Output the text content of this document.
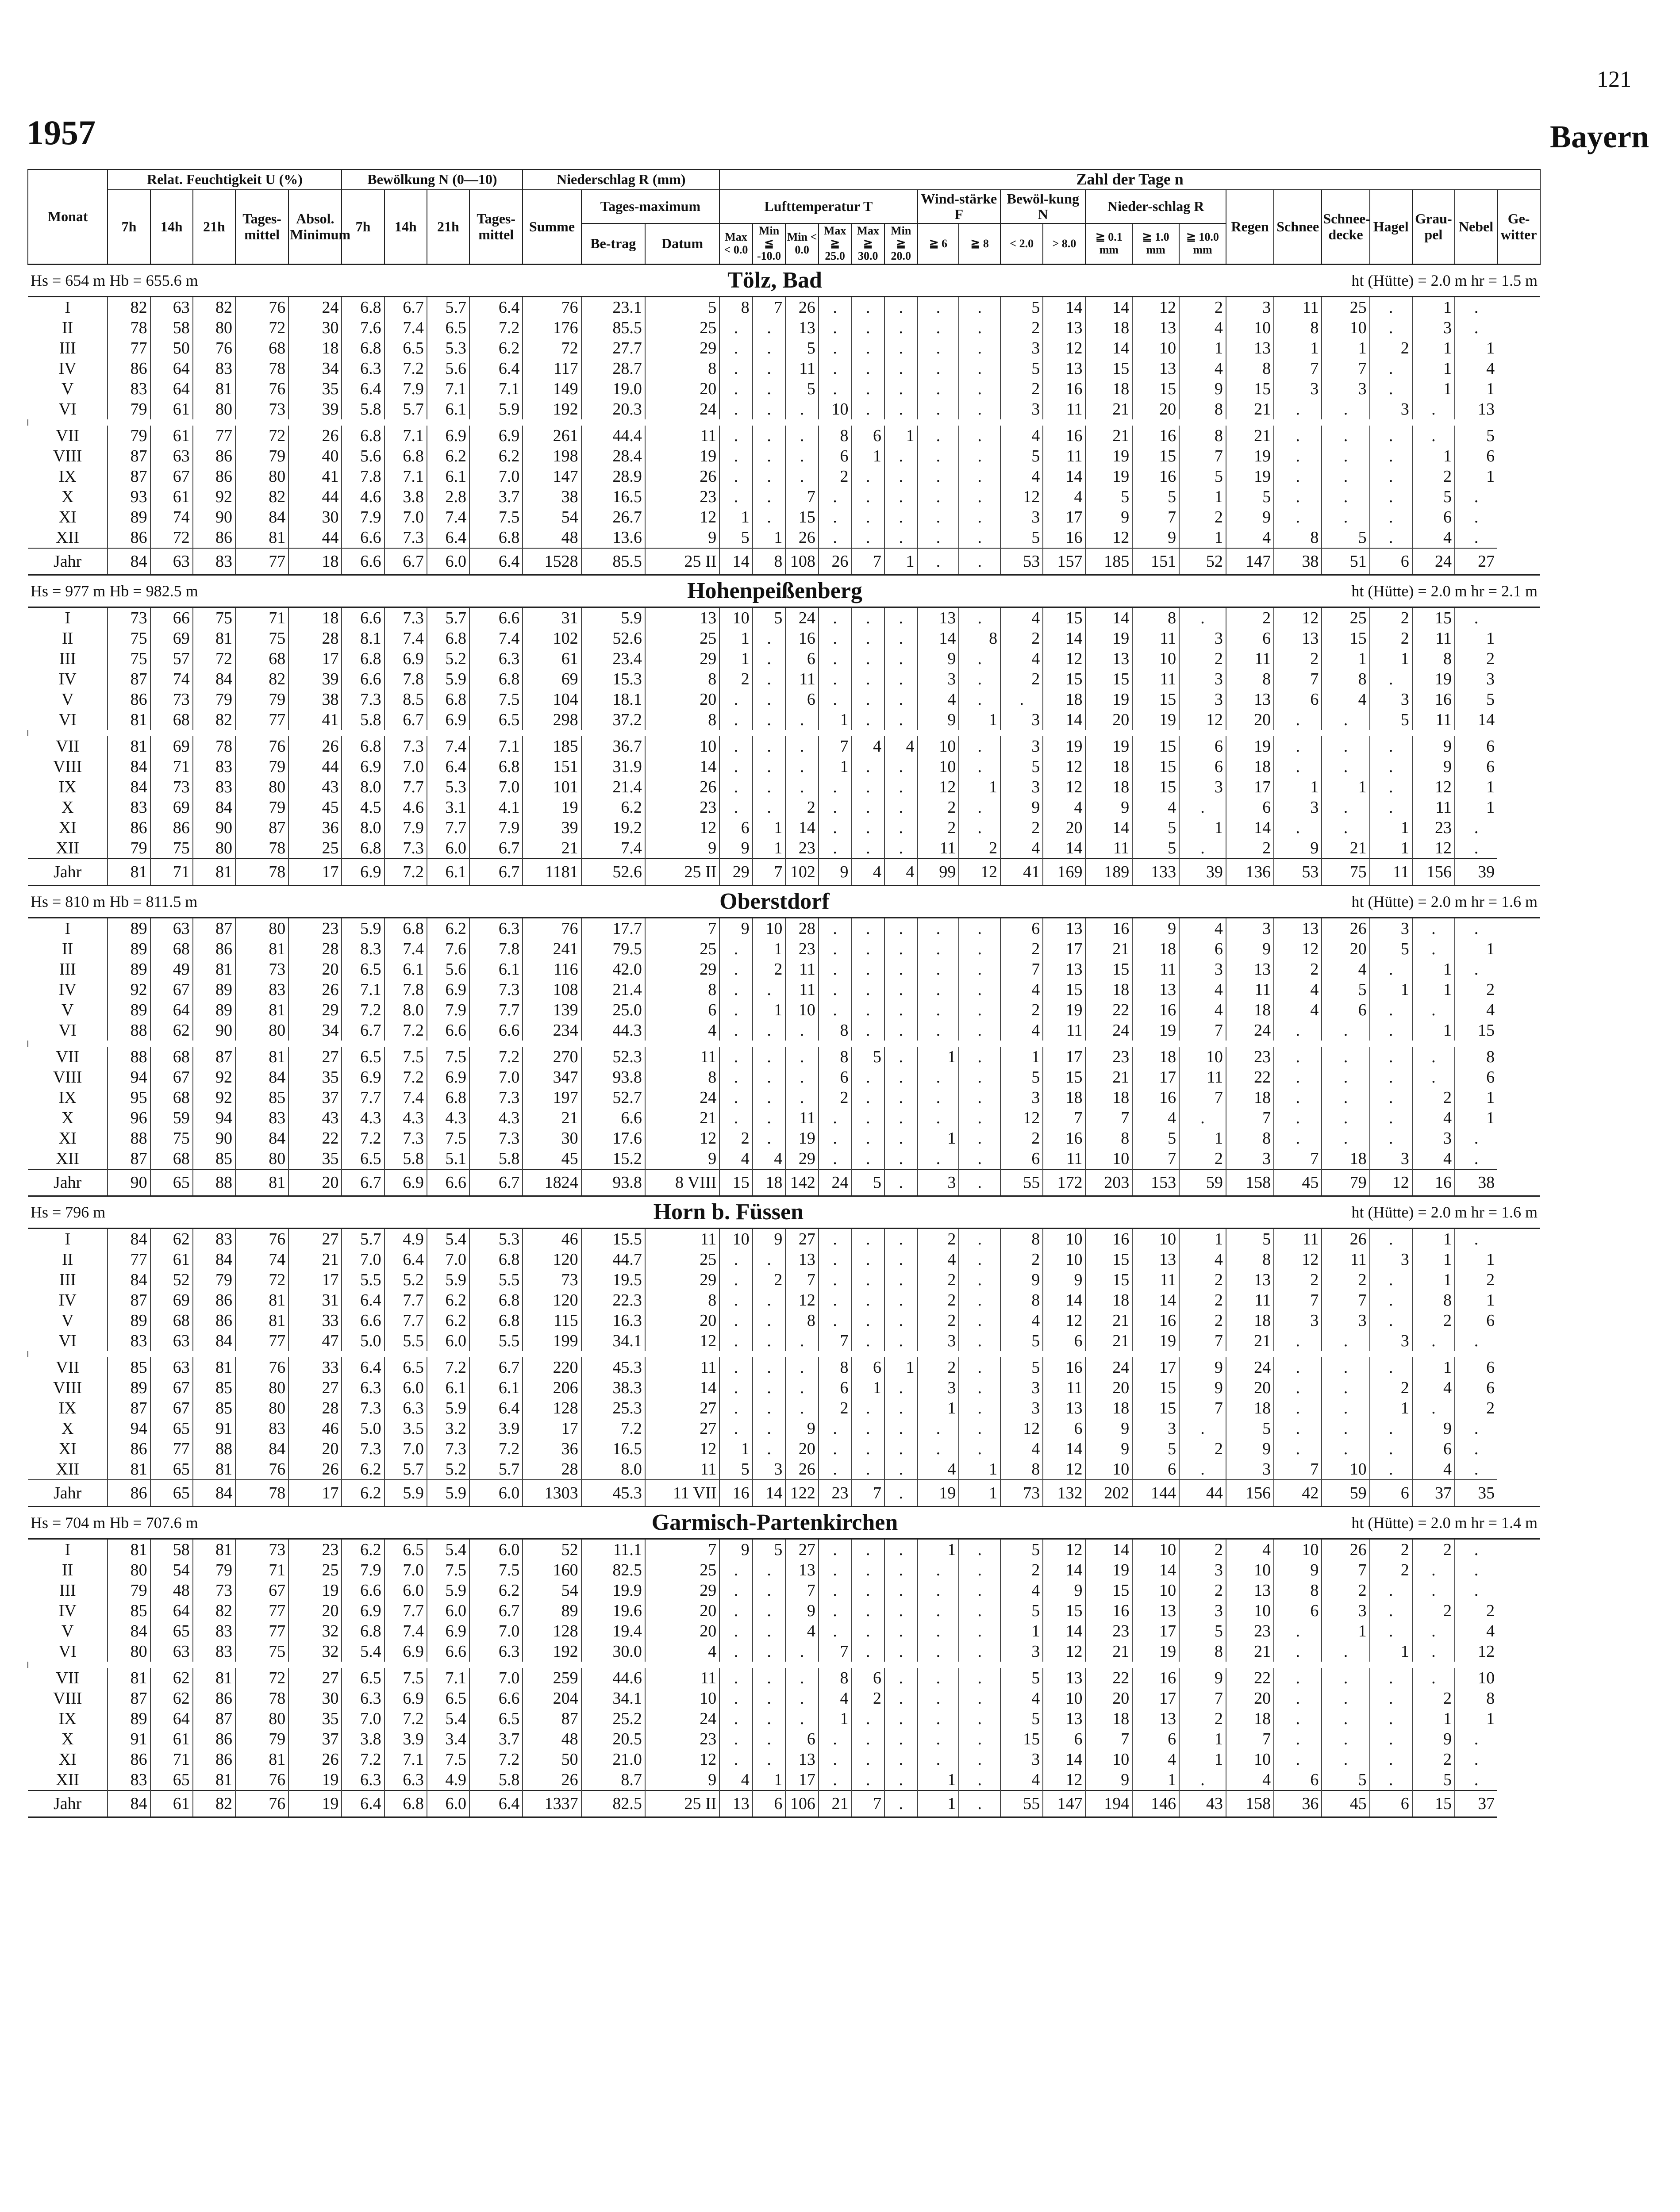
121
1957	Bayern
Monat	Relat. Feuchtigkeit U (%)					Bewölkung N (0—10)				Niederschlag R (mm)			Zahl der Tage n																			
	7h	14h	21h	Tages-mittel	Absol. Minimum	7h	14h	21h	Tages-mittel	Summe	Tages-maximum		Lufttemperatur T						Wind-stärke F		Bewöl-kung N		Nieder-schlag R			Regen	Schnee	Schnee-decke	Hagel	Grau-pel	Nebel	Ge-witter
											Be-trag	Datum	Max < 0.0	Min ≦ -10.0	Min < 0.0	Max ≧ 25.0	Max ≧ 30.0	Min ≧ 20.0	≧ 6	≧ 8	< 2.0	> 8.0	≧ 0.1 mm	≧ 1.0 mm	≧ 10.0 mm							

Hs = 654 m Hb = 655.6 m Tölz, Bad ht (Hütte) = 2.0 m hr = 1.5 m																																

I	82	63	82	76	24	6.8	6.7	5.7	6.4	76	23.1	5	8	7	26	.	.	.	.	.	5	14	14	12	2	3	11	25	.	1	.	
II	78	58	80	72	30	7.6	7.4	6.5	7.2	176	85.5	25	.	.	13	.	.	.	.	.	2	13	18	13	4	10	8	10	.	3	.	
III	77	50	76	68	18	6.8	6.5	5.3	6.2	72	27.7	29	.	.	5	.	.	.	.	.	3	12	14	10	1	13	1	1	2	1	1	
IV	86	64	83	78	34	6.3	7.2	5.6	6.4	117	28.7	8	.	.	11	.	.	.	.	.	5	13	15	13	4	8	7	7	.	1	4	
V	83	64	81	76	35	6.4	7.9	7.1	7.1	149	19.0	20	.	.	5	.	.	.	.	.	2	16	18	15	9	15	3	3	.	1	1	
VI	79	61	80	73	39	5.8	5.7	6.1	5.9	192	20.3	24	.	.	.	10	.	.	.	.	3	11	21	20	8	21	.	.	3	.	13	

VII	79	61	77	72	26	6.8	7.1	6.9	6.9	261	44.4	11	.	.	.	8	6	1	.	.	4	16	21	16	8	21	.	.	.	.	5	
VIII	87	63	86	79	40	5.6	6.8	6.2	6.2	198	28.4	19	.	.	.	6	1	.	.	.	5	11	19	15	7	19	.	.	.	1	6	
IX	87	67	86	80	41	7.8	7.1	6.1	7.0	147	28.9	26	.	.	.	2	.	.	.	.	4	14	19	16	5	19	.	.	.	2	1	
X	93	61	92	82	44	4.6	3.8	2.8	3.7	38	16.5	23	.	.	7	.	.	.	.	.	12	4	5	5	1	5	.	.	.	5	.	
XI	89	74	90	84	30	7.9	7.0	7.4	7.5	54	26.7	12	1	.	15	.	.	.	.	.	3	17	9	7	2	9	.	.	.	6	.	
XII	86	72	86	81	44	6.6	7.3	6.4	6.8	48	13.6	9	5	1	26	.	.	.	.	.	5	16	12	9	1	4	8	5	.	4	.	
Jahr	84	63	83	77	18	6.6	6.7	6.0	6.4	1528	85.5	25 II	14	8	108	26	7	1	.	.	53	157	185	151	52	147	38	51	6	24	27	

Hs = 977 m Hb = 982.5 m Hohenpeißenberg ht (Hütte) = 2.0 m hr = 2.1 m																																

I	73	66	75	71	18	6.6	7.3	5.7	6.6	31	5.9	13	10	5	24	.	.	.	13	.	4	15	14	8	.	2	12	25	2	15	.	
II	75	69	81	75	28	8.1	7.4	6.8	7.4	102	52.6	25	1	.	16	.	.	.	14	8	2	14	19	11	3	6	13	15	2	11	1	
III	75	57	72	68	17	6.8	6.9	5.2	6.3	61	23.4	29	1	.	6	.	.	.	9	.	4	12	13	10	2	11	2	1	1	8	2	
IV	87	74	84	82	39	6.6	7.8	5.9	6.8	69	15.3	8	2	.	11	.	.	.	3	.	2	15	15	11	3	8	7	8	.	19	3	
V	86	73	79	79	38	7.3	8.5	6.8	7.5	104	18.1	20	.	.	6	.	.	.	4	.	.	18	19	15	3	13	6	4	3	16	5	
VI	81	68	82	77	41	5.8	6.7	6.9	6.5	298	37.2	8	.	.	.	1	.	.	9	1	3	14	20	19	12	20	.	.	5	11	14	

VII	81	69	78	76	26	6.8	7.3	7.4	7.1	185	36.7	10	.	.	.	7	4	4	10	.	3	19	19	15	6	19	.	.	.	9	6	
VIII	84	71	83	79	44	6.9	7.0	6.4	6.8	151	31.9	14	.	.	.	1	.	.	10	.	5	12	18	15	6	18	.	.	.	9	6	
IX	84	73	83	80	43	8.0	7.7	5.3	7.0	101	21.4	26	.	.	.	.	.	.	12	1	3	12	18	15	3	17	1	1	.	12	1	
X	83	69	84	79	45	4.5	4.6	3.1	4.1	19	6.2	23	.	.	2	.	.	.	2	.	9	4	9	4	.	6	3	.	.	11	1	
XI	86	86	90	87	36	8.0	7.9	7.7	7.9	39	19.2	12	6	1	14	.	.	.	2	.	2	20	14	5	1	14	.	.	1	23	.	
XII	79	75	80	78	25	6.8	7.3	6.0	6.7	21	7.4	9	9	1	23	.	.	.	11	2	4	14	11	5	.	2	9	21	1	12	.	
Jahr	81	71	81	78	17	6.9	7.2	6.1	6.7	1181	52.6	25 II	29	7	102	9	4	4	99	12	41	169	189	133	39	136	53	75	11	156	39	

Hs = 810 m Hb = 811.5 m Oberstdorf ht (Hütte) = 2.0 m hr = 1.6 m																																

I	89	63	87	80	23	5.9	6.8	6.2	6.3	76	17.7	7	9	10	28	.	.	.	.	.	6	13	16	9	4	3	13	26	3	.	.	
II	89	68	86	81	28	8.3	7.4	7.6	7.8	241	79.5	25	.	1	23	.	.	.	.	.	2	17	21	18	6	9	12	20	5	.	1	
III	89	49	81	73	20	6.5	6.1	5.6	6.1	116	42.0	29	.	2	11	.	.	.	.	.	7	13	15	11	3	13	2	4	.	1	.	
IV	92	67	89	83	26	7.1	7.8	6.9	7.3	108	21.4	8	.	.	11	.	.	.	.	.	4	15	18	13	4	11	4	5	1	1	2	
V	89	64	89	81	29	7.2	8.0	7.9	7.7	139	25.0	6	.	1	10	.	.	.	.	.	2	19	22	16	4	18	4	6	.	.	4	
VI	88	62	90	80	34	6.7	7.2	6.6	6.6	234	44.3	4	.	.	.	8	.	.	.	.	4	11	24	19	7	24	.	.	.	1	15	

VII	88	68	87	81	27	6.5	7.5	7.5	7.2	270	52.3	11	.	.	.	8	5	.	1	.	1	17	23	18	10	23	.	.	.	.	8	
VIII	94	67	92	84	35	6.9	7.2	6.9	7.0	347	93.8	8	.	.	.	6	.	.	.	.	5	15	21	17	11	22	.	.	.	.	6	
IX	95	68	92	85	37	7.7	7.4	6.8	7.3	197	52.7	24	.	.	.	2	.	.	.	.	3	18	18	16	7	18	.	.	.	2	1	
X	96	59	94	83	43	4.3	4.3	4.3	4.3	21	6.6	21	.	.	11	.	.	.	.	.	12	7	7	4	.	7	.	.	.	4	1	
XI	88	75	90	84	22	7.2	7.3	7.5	7.3	30	17.6	12	2	.	19	.	.	.	1	.	2	16	8	5	1	8	.	.	.	3	.	
XII	87	68	85	80	35	6.5	5.8	5.1	5.8	45	15.2	9	4	4	29	.	.	.	.	.	6	11	10	7	2	3	7	18	3	4	.	
Jahr	90	65	88	81	20	6.7	6.9	6.6	6.7	1824	93.8	8 VIII	15	18	142	24	5	.	3	.	55	172	203	153	59	158	45	79	12	16	38	

Hs = 796 m Horn b. Füssen ht (Hütte) = 2.0 m hr = 1.6 m																																

I	84	62	83	76	27	5.7	4.9	5.4	5.3	46	15.5	11	10	9	27	.	.	.	2	.	8	10	16	10	1	5	11	26	.	1	.	
II	77	61	84	74	21	7.0	6.4	7.0	6.8	120	44.7	25	.	.	13	.	.	.	4	.	2	10	15	13	4	8	12	11	3	1	1	
III	84	52	79	72	17	5.5	5.2	5.9	5.5	73	19.5	29	.	2	7	.	.	.	2	.	9	9	15	11	2	13	2	2	.	1	2	
IV	87	69	86	81	31	6.4	7.7	6.2	6.8	120	22.3	8	.	.	12	.	.	.	2	.	8	14	18	14	2	11	7	7	.	8	1	
V	89	68	86	81	33	6.6	7.7	6.2	6.8	115	16.3	20	.	.	8	.	.	.	2	.	4	12	21	16	2	18	3	3	.	2	6	
VI	83	63	84	77	47	5.0	5.5	6.0	5.5	199	34.1	12	.	.	.	7	.	.	3	.	5	6	21	19	7	21	.	.	3	.	.	

VII	85	63	81	76	33	6.4	6.5	7.2	6.7	220	45.3	11	.	.	.	8	6	1	2	.	5	16	24	17	9	24	.	.	.	1	6	
VIII	89	67	85	80	27	6.3	6.0	6.1	6.1	206	38.3	14	.	.	.	6	1	.	3	.	3	11	20	15	9	20	.	.	2	4	6	
IX	87	67	85	80	28	7.3	6.3	5.9	6.4	128	25.3	27	.	.	.	2	.	.	1	.	3	13	18	15	7	18	.	.	1	.	2	
X	94	65	91	83	46	5.0	3.5	3.2	3.9	17	7.2	27	.	.	9	.	.	.	.	.	12	6	9	3	.	5	.	.	.	9	.	
XI	86	77	88	84	20	7.3	7.0	7.3	7.2	36	16.5	12	1	.	20	.	.	.	.	.	4	14	9	5	2	9	.	.	.	6	.	
XII	81	65	81	76	26	6.2	5.7	5.2	5.7	28	8.0	11	5	3	26	.	.	.	4	1	8	12	10	6	.	3	7	10	.	4	.	
Jahr	86	65	84	78	17	6.2	5.9	5.9	6.0	1303	45.3	11 VII	16	14	122	23	7	.	19	1	73	132	202	144	44	156	42	59	6	37	35	

Hs = 704 m Hb = 707.6 m Garmisch-Partenkirchen ht (Hütte) = 2.0 m hr = 1.4 m																																

I	81	58	81	73	23	6.2	6.5	5.4	6.0	52	11.1	7	9	5	27	.	.	.	1	.	5	12	14	10	2	4	10	26	2	2	.	
II	80	54	79	71	25	7.9	7.0	7.5	7.5	160	82.5	25	.	.	13	.	.	.	.	.	2	14	19	14	3	10	9	7	2	.	.	
III	79	48	73	67	19	6.6	6.0	5.9	6.2	54	19.9	29	.	.	7	.	.	.	.	.	4	9	15	10	2	13	8	2	.	.	.	
IV	85	64	82	77	20	6.9	7.7	6.0	6.7	89	19.6	20	.	.	9	.	.	.	.	.	5	15	16	13	3	10	6	3	.	2	2	
V	84	65	83	77	32	6.8	7.4	6.9	7.0	128	19.4	20	.	.	4	.	.	.	.	.	1	14	23	17	5	23	.	1	.	.	4	
VI	80	63	83	75	32	5.4	6.9	6.6	6.3	192	30.0	4	.	.	.	7	.	.	.	.	3	12	21	19	8	21	.	.	1	.	12	

VII	81	62	81	72	27	6.5	7.5	7.1	7.0	259	44.6	11	.	.	.	8	6	.	.	.	5	13	22	16	9	22	.	.	.	.	10	
VIII	87	62	86	78	30	6.3	6.9	6.5	6.6	204	34.1	10	.	.	.	4	2	.	.	.	4	10	20	17	7	20	.	.	.	2	8	
IX	89	64	87	80	35	7.0	7.2	5.4	6.5	87	25.2	24	.	.	.	1	.	.	.	.	5	13	18	13	2	18	.	.	.	1	1	
X	91	61	86	79	37	3.8	3.9	3.4	3.7	48	20.5	23	.	.	6	.	.	.	.	.	15	6	7	6	1	7	.	.	.	9	.	
XI	86	71	86	81	26	7.2	7.1	7.5	7.2	50	21.0	12	.	.	13	.	.	.	.	.	3	14	10	4	1	10	.	.	.	2	.	
XII	83	65	81	76	19	6.3	6.3	4.9	5.8	26	8.7	9	4	1	17	.	.	.	1	.	4	12	9	1	.	4	6	5	.	5	.	
Jahr	84	61	82	76	19	6.4	6.8	6.0	6.4	1337	82.5	25 II	13	6	106	21	7	.	1	.	55	147	194	146	43	158	36	45	6	15	37	
